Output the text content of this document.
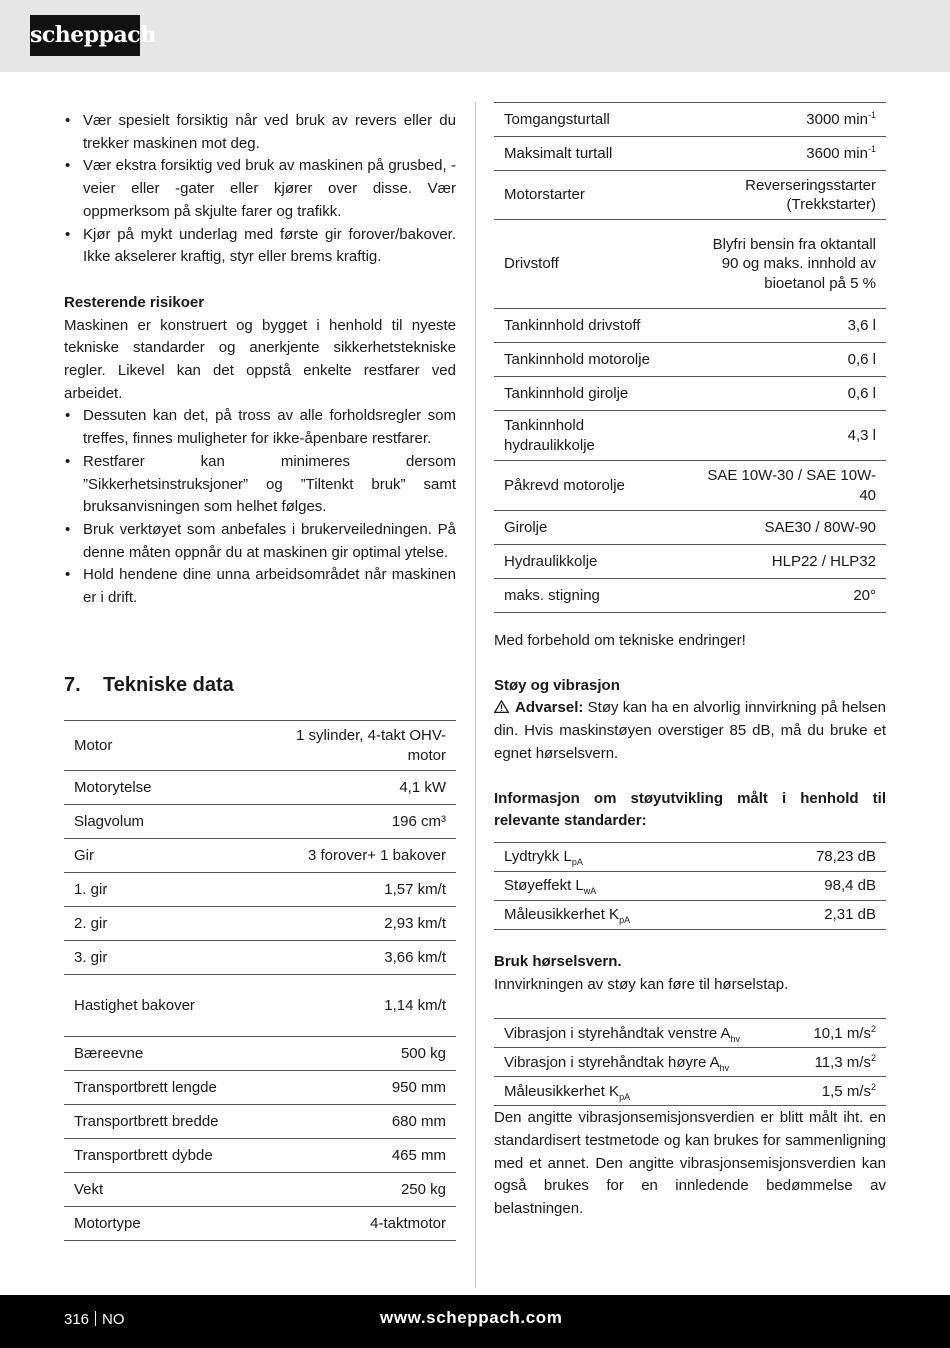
scheppach
• Vær spesielt forsiktig når ved bruk av revers eller du trekker maskinen mot deg.
• Vær ekstra forsiktig ved bruk av maskinen på grusbed, -veier eller -gater eller kjører over disse. Vær oppmerksom på skjulte farer og trafikk.
• Kjør på mykt underlag med første gir forover/bakover. Ikke akselerer kraftig, styr eller brems kraftig.

Resterende risikoer

Maskinen er konstruert og bygget i henhold til nyeste tekniske standarder og anerkjente sikkerhetstekniske regler. Likevel kan det oppstå enkelte restfarer ved arbeidet.

• Dessuten kan det, på tross av alle forholdsregler som treffes, finnes muligheter for ikke-åpenbare restfarer.
• Restfarer kan minimeres dersom ”Sikkerhetsinstruksjoner” og ”Tiltenkt bruk” samt bruksanvisningen som helhet følges.
• Bruk verktøyet som anbefales i brukerveiledningen. På denne måten oppnår du at maskinen gir optimal ytelse.
• Hold hendene dine unna arbeidsområdet når maskinen er i drift.
7. Tekniske data
Motor	1 sylinder, 4-takt OHV-motor
Motorytelse	4,1 kW
Slagvolum	196 cm³
Gir	3 forover+ 1 bakover
1. gir	1,57 km/t
2. gir	2,93 km/t
3. gir	3,66 km/t
Hastighet bakover	1,14 km/t
Bæreevne	500 kg
Transportbrett lengde	950 mm
Transportbrett bredde	680 mm
Transportbrett dybde	465 mm
Vekt	250 kg
Motortype	4-taktmotor
Tomgangsturtall	3000 $\min^{-1}$
Maksimalt turtall	3600 $\min^{-1}$
Motorstarter	Reverseringsstarter (Trekkstarter)
Drivstoff	Blyfri bensin fra oktantall 90 og maks. innhold av bioetanol på 5 %
Tankinnhold drivstoff	3,6 l
Tankinnhold motorolje	0,6 l
Tankinnhold girolje	0,6 l
Tankinnhold hydraulikkolje	4,3 l
Påkrevd motorolje	SAE 10W-30 / SAE 10W-40
Girolje	SAE30 / 80W-90
Hydraulikkolje	HLP22 / HLP32
maks. stigning	20°

Med forbehold om tekniske endringer!

Støy og vibrasjon

Advarsel: Støy kan ha en alvorlig innvirkning på helsen din. Hvis maskinstøyen overstiger 85 dB, må du bruke et egnet hørselsvern.

Informasjon om støyutvikling målt i henhold til relevante standarder:

Lydtrykk $L_{pA}$	78,23 dB
Støyeffekt $L_{wA}$	98,4 dB
Måleusikkerhet $K_{pA}$	2,31 dB

Bruk hørselsvern.

Innvirkningen av støy kan føre til hørselstap.

Vibrasjon i styrehåndtak venstre $A_{hv}$	10,1 $m/s^2$
Vibrasjon i styrehåndtak høyre $A_{hv}$	11,3 $m/s^2$
Måleusikkerhet $K_{pA}$	1,5 $m/s^2$

Den angitte vibrasjonsemisjonsverdien er blitt målt iht. en standardisert testmetode og kan brukes for sammenligning med et annet. Den angitte vibrasjonsemisjonsverdien kan også brukes for en innledende bedømmelse av belastningen.

316 NO	www.scheppach.com
